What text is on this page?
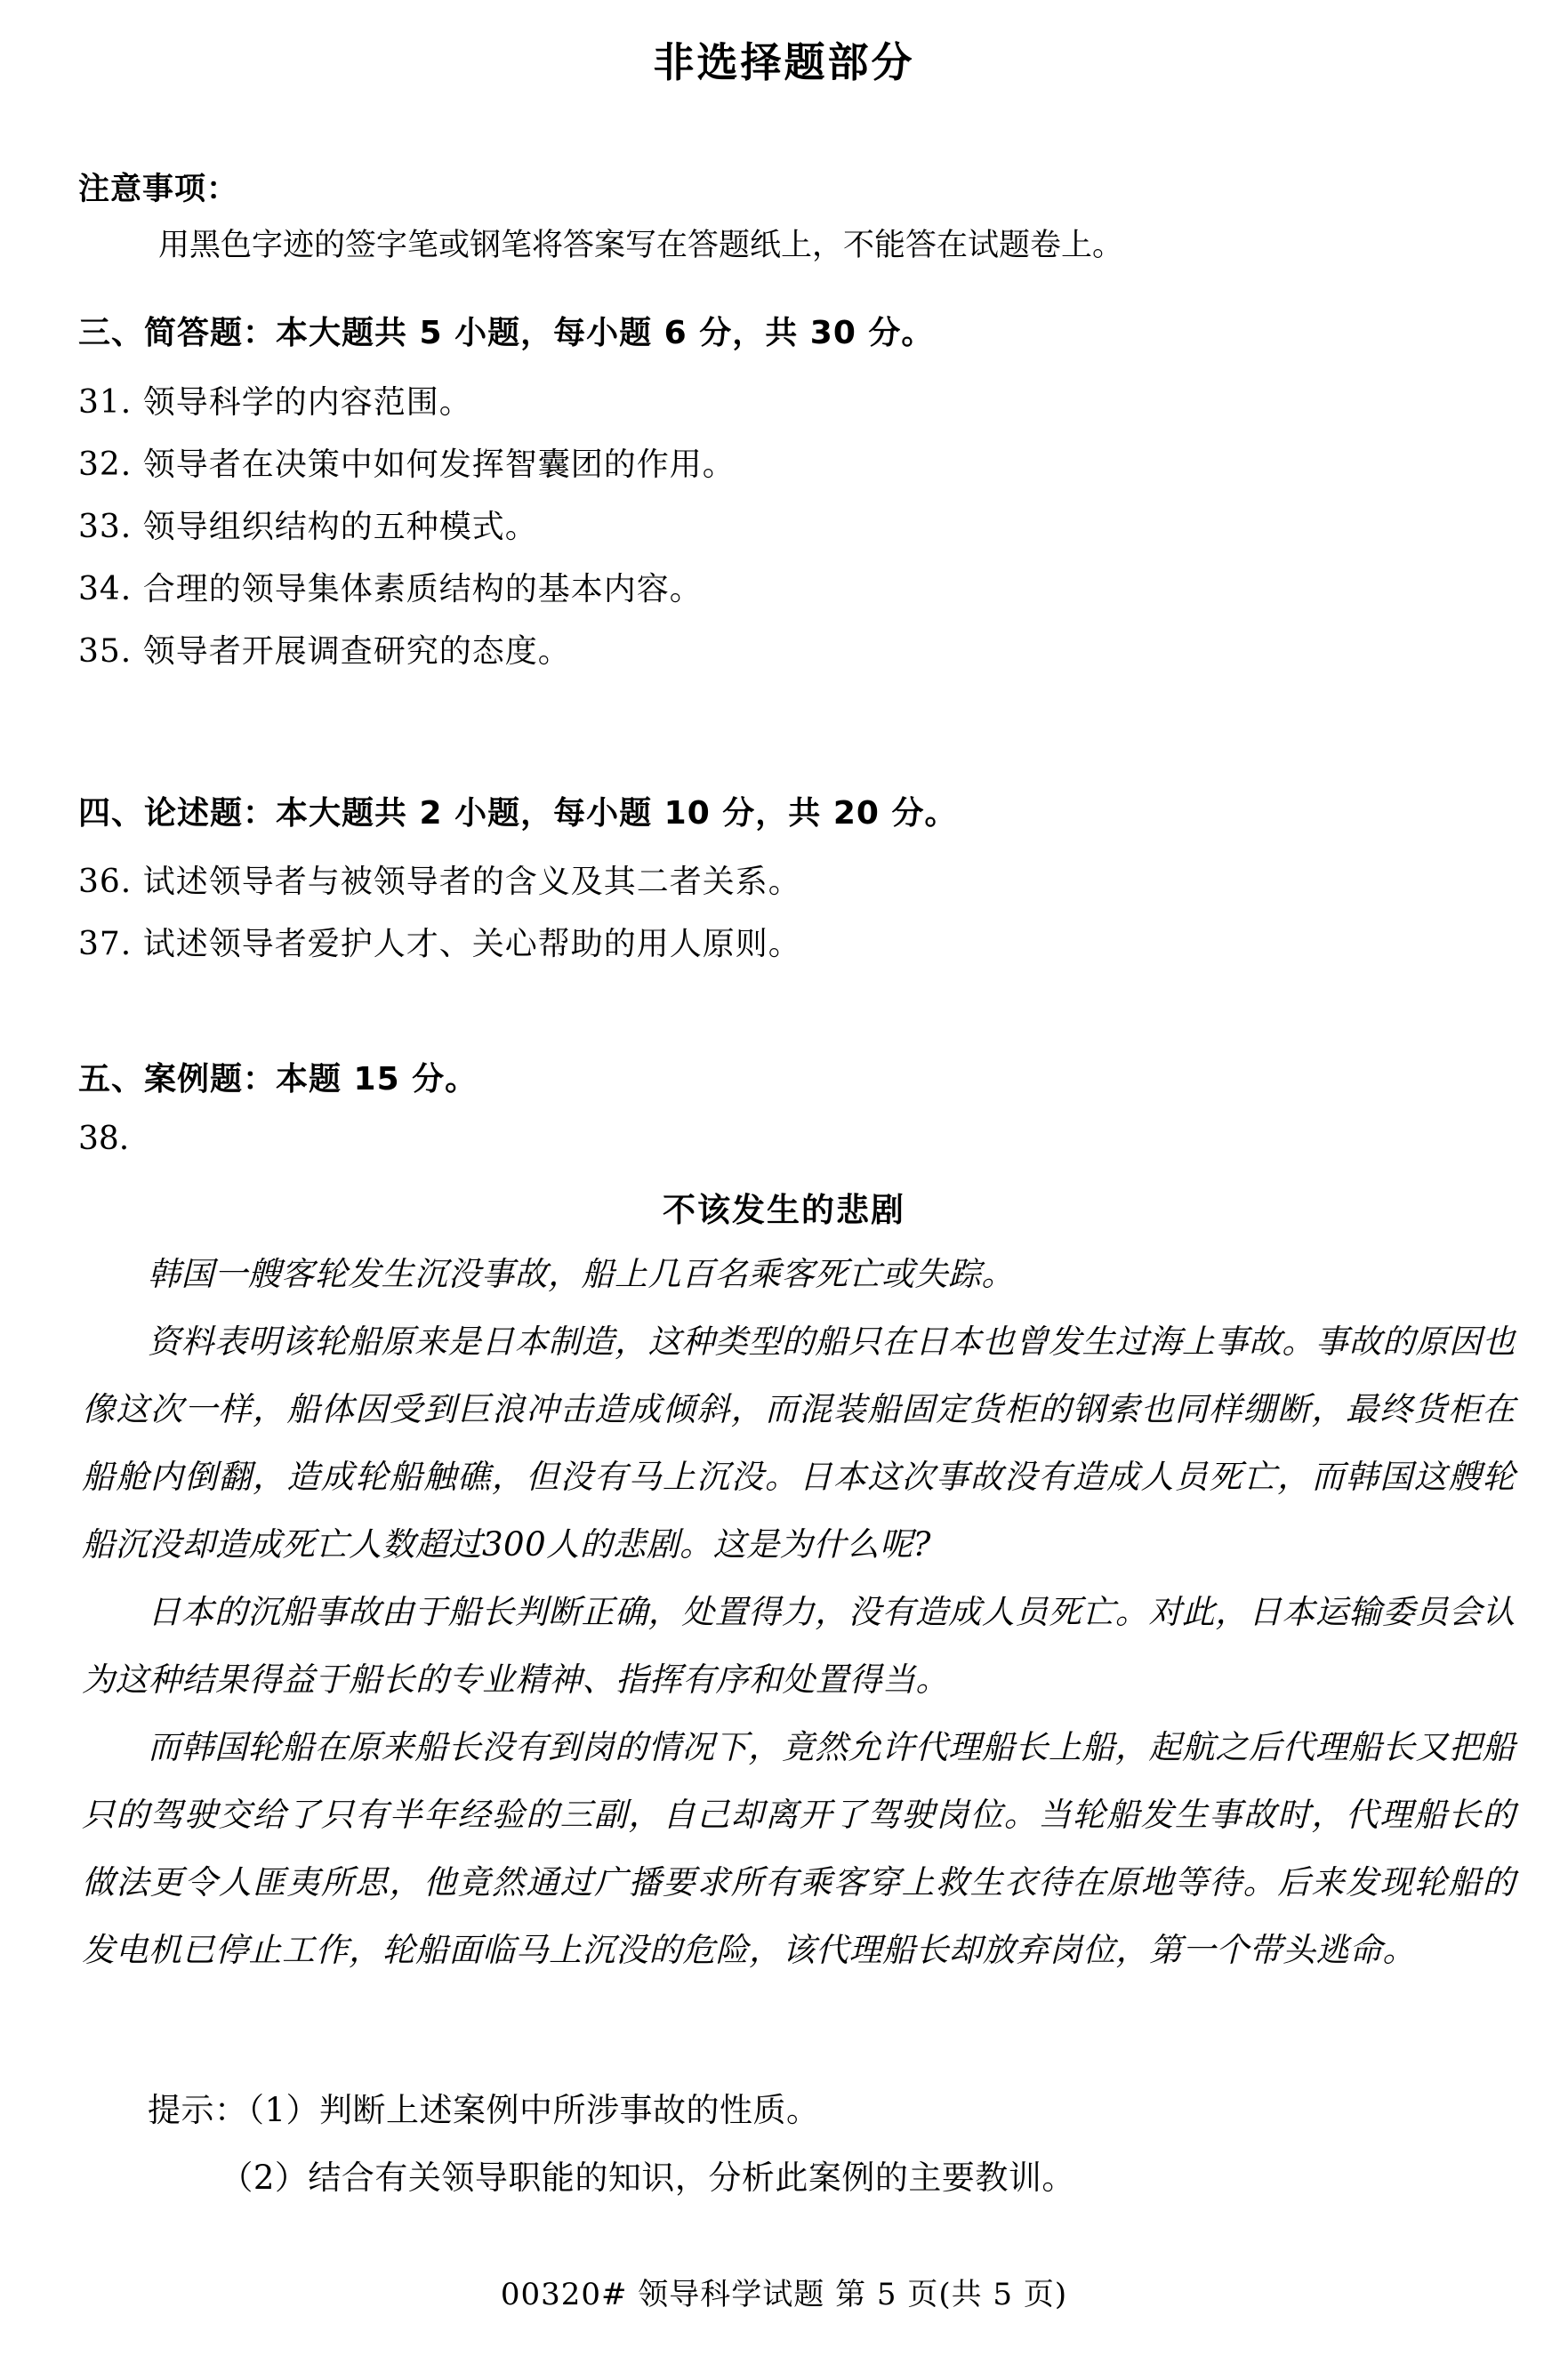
非选择题部分
注意事项：
用黑色字迹的签字笔或钢笔将答案写在答题纸上，不能答在试题卷上。
三、简答题：本大题共 5 小题，每小题 6 分，共 30 分。
31. 领导科学的内容范围。
32. 领导者在决策中如何发挥智囊团的作用。
33. 领导组织结构的五种模式。
34. 合理的领导集体素质结构的基本内容。
35. 领导者开展调查研究的态度。
四、论述题：本大题共 2 小题，每小题 10 分，共 20 分。
36. 试述领导者与被领导者的含义及其二者关系。
37. 试述领导者爱护人才、关心帮助的用人原则。
五、案例题：本题 15 分。
38.
不该发生的悲剧

韩国一艘客轮发生沉没事故，船上几百名乘客死亡或失踪。

资料表明该轮船原来是日本制造，这种类型的船只在日本也曾发生过海上事故。事故的原因也像这次一样，船体因受到巨浪冲击造成倾斜，而混装船固定货柜的钢索也同样绷断，最终货柜在船舱内倒翻，造成轮船触礁，但没有马上沉没。日本这次事故没有造成人员死亡，而韩国这艘轮船沉没却造成死亡人数超过300人的悲剧。这是为什么呢?

日本的沉船事故由于船长判断正确，处置得力，没有造成人员死亡。对此，日本运输委员会认为这种结果得益于船长的专业精神、指挥有序和处置得当。

而韩国轮船在原来船长没有到岗的情况下，竟然允许代理船长上船，起航之后代理船长又把船只的驾驶交给了只有半年经验的三副，自己却离开了驾驶岗位。当轮船发生事故时，代理船长的做法更令人匪夷所思，他竟然通过广播要求所有乘客穿上救生衣待在原地等待。后来发现轮船的发电机已停止工作，轮船面临马上沉没的危险，该代理船长却放弃岗位，第一个带头逃命。

提示：（1）判断上述案例中所涉事故的性质。

（2）结合有关领导职能的知识，分析此案例的主要教训。

00320# 领导科学试题 第 5 页(共 5 页)
